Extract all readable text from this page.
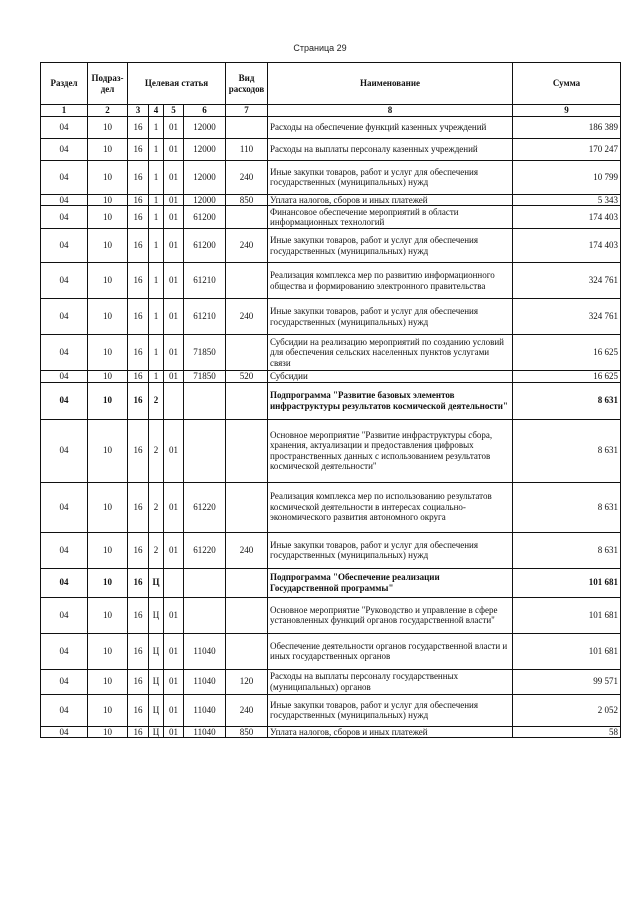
Страница 29
Раздел	Подраз-дел	Целевая статья				Вид расходов	Наименование	Сумма
1	2	3	4	5	6	7	8	9
04	10	16	1	01	12000		Расходы на обеспечение функций казенных учреждений	186 389
04	10	16	1	01	12000	110	Расходы на выплаты персоналу казенных учреждений	170 247
04	10	16	1	01	12000	240	Иные закупки товаров, работ и услуг для обеспечения государственных (муниципальных) нужд	10 799
04	10	16	1	01	12000	850	Уплата налогов, сборов и иных платежей	5 343
04	10	16	1	01	61200		Финансовое обеспечение мероприятий в области информационных технологий	174 403
04	10	16	1	01	61200	240	Иные закупки товаров, работ и услуг для обеспечения государственных (муниципальных) нужд	174 403
04	10	16	1	01	61210		Реализация комплекса мер по развитию информационного общества и формированию электронного правительства	324 761
04	10	16	1	01	61210	240	Иные закупки товаров, работ и услуг для обеспечения государственных (муниципальных) нужд	324 761
04	10	16	1	01	71850		Субсидии на реализацию мероприятий по созданию условий для обеспечения сельских населенных пунктов услугами связи	16 625
04	10	16	1	01	71850	520	Субсидии	16 625
04	10	16	2				Подпрограмма "Развитие базовых элементов инфраструктуры результатов космической деятельности"	8 631
04	10	16	2	01			Основное мероприятие "Развитие инфраструктуры сбора, хранения, актуализации и предоставления цифровых пространственных данных с использованием результатов космической деятельности"	8 631
04	10	16	2	01	61220		Реализация комплекса мер по использованию результатов космической деятельности в интересах социально-экономического развития автономного округа	8 631
04	10	16	2	01	61220	240	Иные закупки товаров, работ и услуг для обеспечения государственных (муниципальных) нужд	8 631
04	10	16	Ц				Подпрограмма "Обеспечение реализации Государственной программы"	101 681
04	10	16	Ц	01			Основное мероприятие "Руководство и управление в сфере установленных функций органов государственной власти"	101 681
04	10	16	Ц	01	11040		Обеспечение деятельности органов государственной власти и иных государственных органов	101 681
04	10	16	Ц	01	11040	120	Расходы на выплаты персоналу государственных (муниципальных) органов	99 571
04	10	16	Ц	01	11040	240	Иные закупки товаров, работ и услуг для обеспечения государственных (муниципальных) нужд	2 052
04	10	16	Ц	01	11040	850	Уплата налогов, сборов и иных платежей	58
